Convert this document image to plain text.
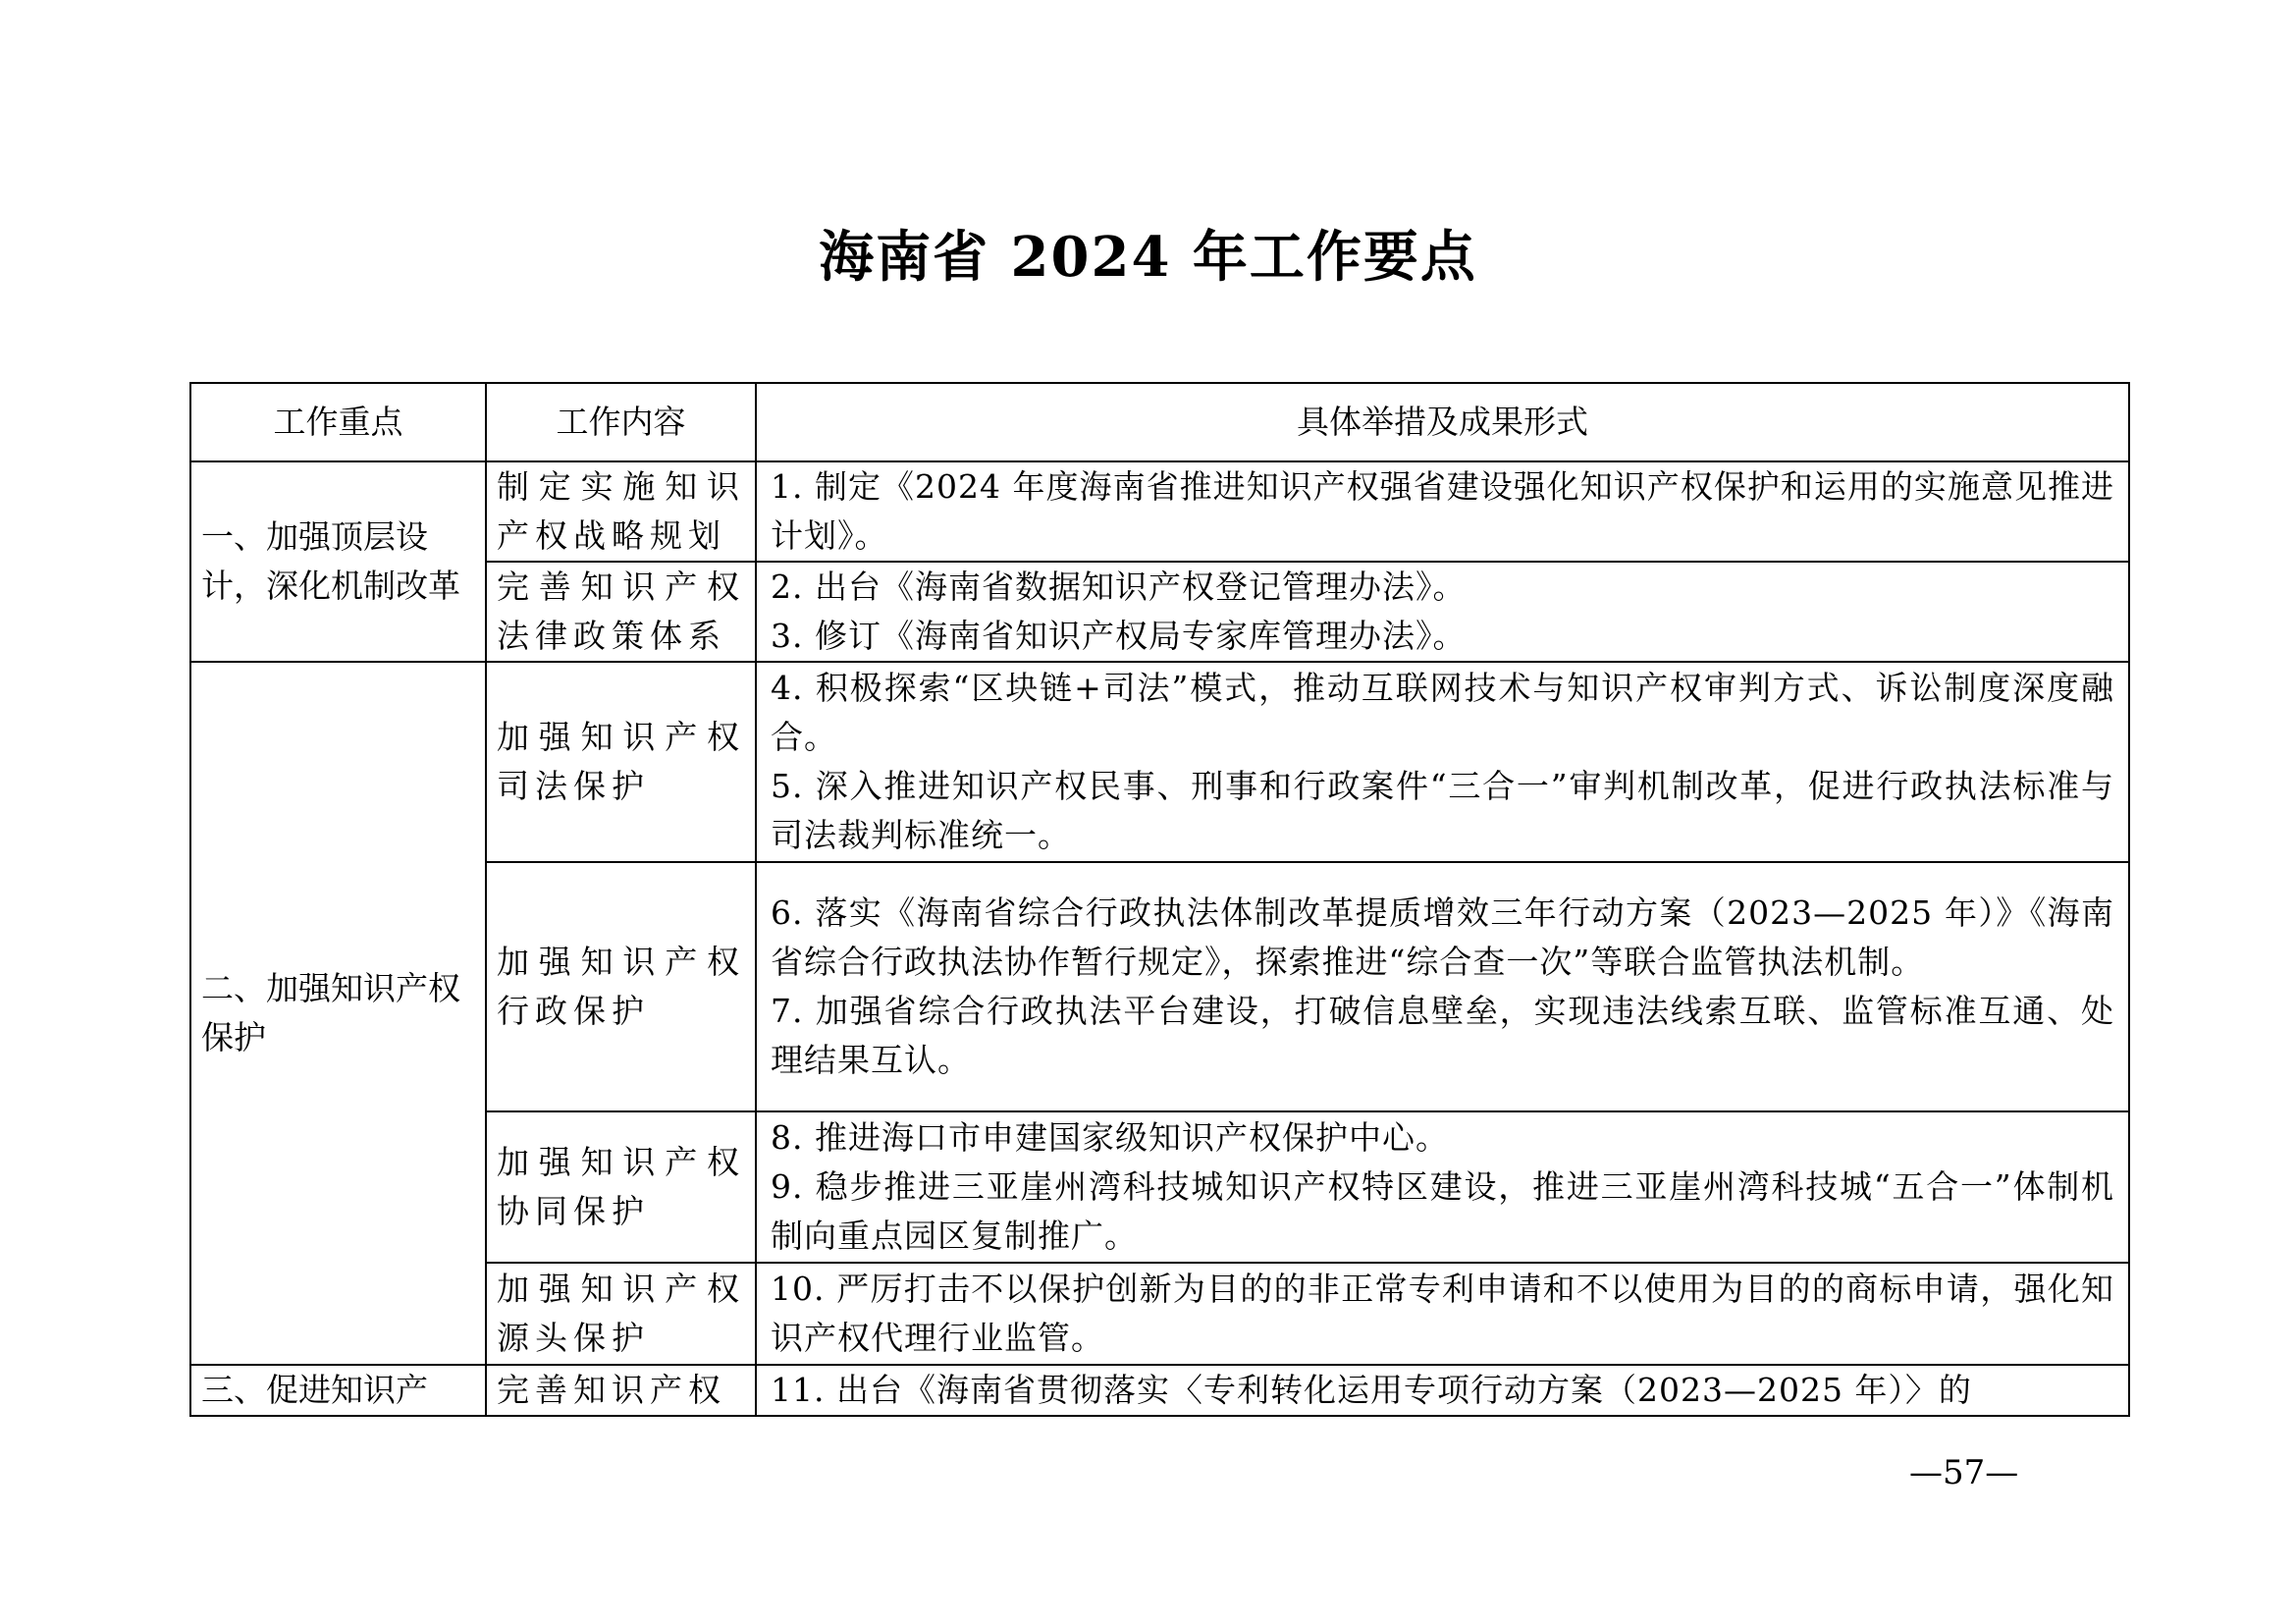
海南省 2024 年工作要点
工作重点	工作内容	具体举措及成果形式
一、加强顶层设计，深化机制改革	制定实施知识产权战略规划	1. 制定《2024 年度海南省推进知识产权强省建设强化知识产权保护和运用的实施意见推进计划》。

	完善知识产权法律政策体系	2. 出台《海南省数据知识产权登记管理办法》。
3. 修订《海南省知识产权局专家库管理办法》。

二、加强知识产权保护	加强知识产权司法保护	4. 积极探索“区块链+司法”模式，推动互联网技术与知识产权审判方式、诉讼制度深度融合。
5. 深入推进知识产权民事、刑事和行政案件“三合一”审判机制改革，促进行政执法标准与司法裁判标准统一。

	加强知识产权行政保护	6. 落实《海南省综合行政执法体制改革提质增效三年行动方案（2023—2025 年）》《海南省综合行政执法协作暂行规定》，探索推进“综合查一次”等联合监管执法机制。
7. 加强省综合行政执法平台建设，打破信息壁垒，实现违法线索互联、监管标准互通、处理结果互认。

	加强知识产权协同保护	8. 推进海口市申建国家级知识产权保护中心。
9. 稳步推进三亚崖州湾科技城知识产权特区建设，推进三亚崖州湾科技城“五合一”体制机制向重点园区复制推广。

	加强知识产权源头保护	10. 严厉打击不以保护创新为目的的非正常专利申请和不以使用为目的的商标申请，强化知识产权代理行业监管。

三、促进知识产	完善知识产权	11. 出台《海南省贯彻落实〈专利转化运用专项行动方案（2023—2025 年）〉的
—57—
